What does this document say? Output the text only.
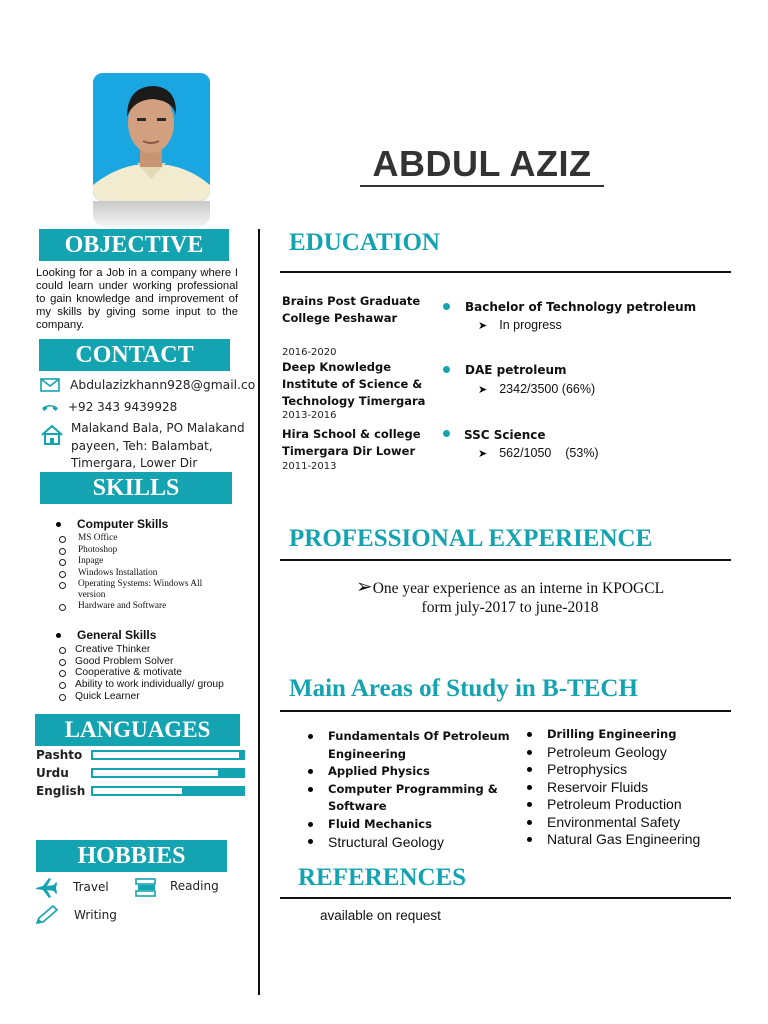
ABDUL AZIZ
OBJECTIVE
Looking for a Job in a company where I could learn under working professional to gain knowledge and improvement of my skills by giving some input to the company.
CONTACT
Abdulazizkhann928@gmail.co
+92 343 9439928
Malakand Bala, PO Malakand
payeen, Teh: Balambat,
Timergara, Lower Dir
SKILLS
Computer Skills
MS Office
Photoshop
Inpage
Windows Installation
Operating Systems: Windows All
version
Hardware and Software
General Skills
Creative Thinker
Good Problem Solver
Cooperative & motivate
Ability to work individually/ group
Quick Learner
LANGUAGES
Pashto
Urdu
English
HOBBIES
Travel	Reading
Writing
EDUCATION
Brains Post Graduate
College Peshawar
2016-2020
Deep Knowledge
Institute of Science &
Technology Timergara
2013-2016
Hira School & college
Timergara Dir Lower
2011-2013
Bachelor of Technology petroleum
➤ In progress
DAE petroleum
➤ 2342/3500 (66%)
SSC Science
➤ 562/1050    (53%)
PROFESSIONAL EXPERIENCE
➢One year experience as an interne in KPOGCL
form july-2017 to june-2018
Main Areas of Study in B-TECH
Fundamentals Of Petroleum
Engineering
Applied Physics
Computer Programming &
Software
Fluid Mechanics
Structural Geology
Drilling Engineering
Petroleum Geology
Petrophysics
Reservoir Fluids
Petroleum Production
Environmental Safety
Natural Gas Engineering
REFERENCES
available on request
